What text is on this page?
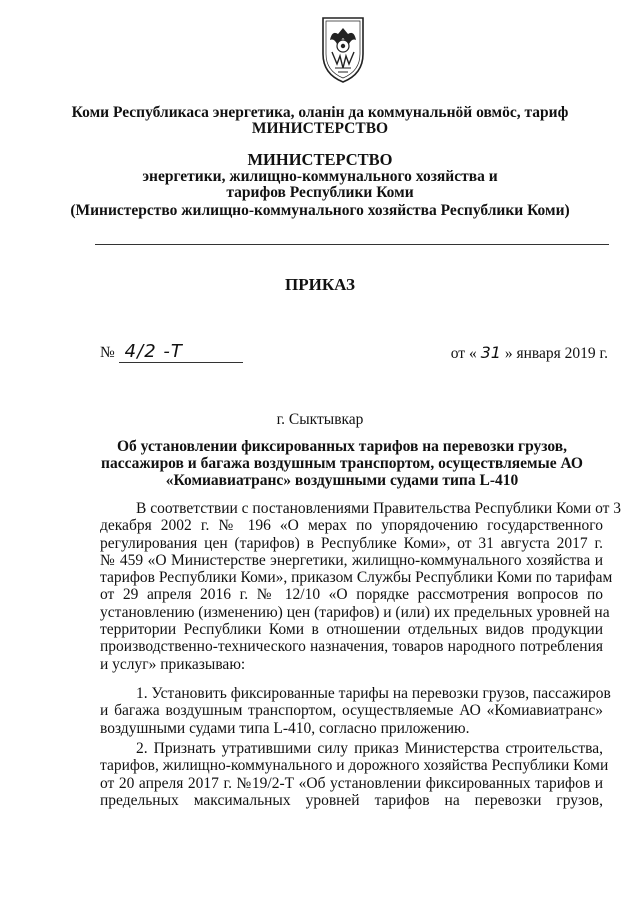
Коми Республикаса энергетика, оланiн да коммунальнӧй овмӧс, тариф
МИНИСТЕРСТВО
МИНИСТЕРСТВО
энергетики, жилищно-коммунального хозяйства и
тарифов Республики Коми
(Министерство жилищно-коммунального хозяйства Республики Коми)
ПРИКАЗ
№ 4/2 -Т	от « 31 » января 2019 г.
г. Сыктывкар
Об установлении фиксированных тарифов на перевозки грузов,
пассажиров и багажа воздушным транспортом, осуществляемые АО
«Комиавиатранс» воздушными судами типа L-410
В соответствии с постановлениями Правительства Республики Коми от 3
декабря 2002 г. № 196 «О мерах по упорядочению государственного
регулирования цен (тарифов) в Республике Коми», от 31 августа 2017 г.
№ 459 «О Министерстве энергетики, жилищно-коммунального хозяйства и
тарифов Республики Коми», приказом Службы Республики Коми по тарифам
от 29 апреля 2016 г. № 12/10 «О порядке рассмотрения вопросов по
установлению (изменению) цен (тарифов) и (или) их предельных уровней на
территории Республики Коми в отношении отдельных видов продукции
производственно-технического назначения, товаров народного потребления
и услуг» приказываю:
1. Установить фиксированные тарифы на перевозки грузов, пассажиров
и багажа воздушным транспортом, осуществляемые АО «Комиавиатранс»
воздушными судами типа L-410, согласно приложению.
2. Признать утратившими силу приказ Министерства строительства,
тарифов, жилищно-коммунального и дорожного хозяйства Республики Коми
от 20 апреля 2017 г. №19/2-Т «Об установлении фиксированных тарифов и
предельных максимальных уровней тарифов на перевозки грузов,
